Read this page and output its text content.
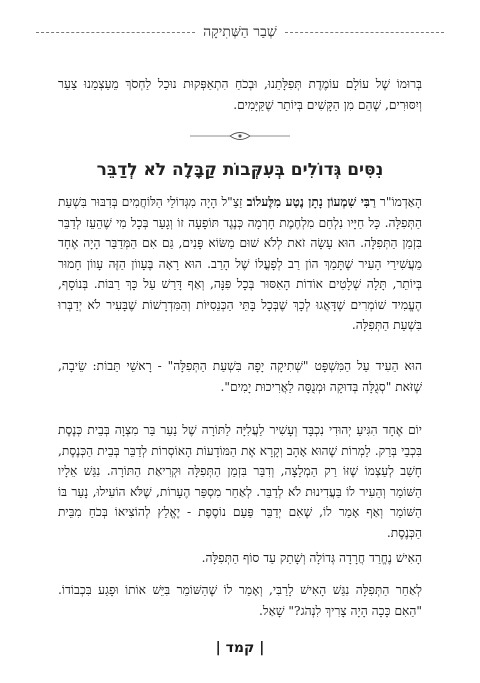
שְׁבַר הַשְּׁתִיקָה

בְּרוּמוֹ שֶׁל עוֹלָם עוֹמֶדֶת תְּפִלָּתֵנוּ, וּבְכֹחַ הִתְאַפְּקוּת נוּכַל לַחְסֹךְ מֵעַצְמֵנוּ צַעַר וְיִסּוּרִים, שֶׁהֵם מִן הַקָּשִׁים בְּיוֹתֵר שֶׁקַּיָּמִים.

נִסִּים גְּדוֹלִים בְּעִקְּבוֹת קַבָּלָה לֹא לְדַבֵּר

הָאַדְמוֹ"ר רַבִּי שִׁמְעוֹן נָתָן נֶטַע מִלֶּעלוֹב זַצַ"ל הָיָה מִגְּדוֹלֵי הַלּוֹחֲמִים בְּדִבּוּר בִּשְׁעַת הַתְּפִלָּה. כָּל חַיָּיו נִלְחַם מִלְחֶמֶת חָרְמָה כְּנֶגֶד תּוֹפָעָה זוֹ וְגָעַר בְּכָל מִי שֶׁהֵעֵז לְדַבֵּר בִּזְמַן הַתְּפִלָּה. הוּא עָשָׂה זֹאת לְלֹא שׁוּם מַשּׂוֹא פָּנִים, גַּם אִם הַמְּדַבֵּר הָיָה אֶחָד מֵעֲשִׁירֵי הָעִיר שֶׁתָּמַךְ הוֹן רַב לְפָעֳלוֹ שֶׁל הָרַב. הוּא רָאָה בֶּעָווֹן הַזֶּה עָווֹן חָמוּר בְּיוֹתֵר, תָּלָה שְׁלָטִים אוֹדוֹת הָאִסּוּר בְּכָל פִּנָּה, וְאַף דָּרַשׁ עַל כָּךְ רַבּוֹת. בְּנוֹסָף, הֶעֱמִיד שׁוֹמְרִים שֶׁדָּאֲגוּ לְכָךְ שֶׁבְּכָל בָּתֵּי הַכְּנֵסִיּוֹת וְהַמִּדְרָשׁוֹת שֶׁבָּעִיר לֹא יְדַבְּרוּ בִּשְׁעַת הַתְּפִלָּה.

הוּא הֵעִיד עַל הַמִּשְׁפָּט "שְׁתִיקָה יָפָה בִּשְׁעַת הַתְּפִלָּה" - רָאשֵׁי תֵּבוֹת: שֵׂיבָה, שֶׁזֹּאת "סְגֻלָּה בְּדוּקָה וּמְנֻסָּה לַאֲרִיכוּת יָמִים".

יוֹם אֶחָד הִגִּיעַ יְהוּדִי נִכְבָּד וְעָשִׁיר לַעֲלִיָּה לַתּוֹרָה שֶׁל נַעַר בַּר מִצְוָה בְּבֵית כְּנֶסֶת בִּכְבֵי בְּרַק. לַמְרוֹת שֶׁהוּא אָהָב וְקָרָא אֶת הַמּוֹדָעוֹת הָאוֹסְרוֹת לְדַבֵּר בְּבֵית הַכְּנֶסֶת, חָשַׁב לְעַצְמוֹ שֶׁזּוֹ רַק הַמְלָצָה, וְדִבֵּר בִּזְמַן הַתְּפִלָּה וּקְרִיאַת הַתּוֹרָה. נִגַּשׁ אֵלָיו הַשּׁוֹמֵר וְהֵעִיר לוֹ בַּעֲדִינוּת לֹא לְדַבֵּר. לְאַחַר מִסְפַּר הֶעָרוֹת, שֶׁלֹּא הוֹעִילוּ, נָעַר בּוֹ הַשּׁוֹמֵר וְאַף אָמַר לוֹ, שֶׁאִם יְדַבֵּר פַּעַם נוֹסֶפֶת - יֶאֱלַץ לְהוֹצִיאוֹ בְּכֹחַ מִבֵּית הַכְּנֶסֶת.

הָאִישׁ נֶחֱרַד חֲרָדָה גְּדוֹלָה וְשָׁתַק עַד סוֹף הַתְּפִלָּה.

לְאַחַר הַתְּפִלָּה נִגַּשׁ הָאִישׁ לָרַבִּי, וְאָמַר לוֹ שֶׁהַשּׁוֹמֵר בִּיֵּשׁ אוֹתוֹ וּפָגַע בִּכְבוֹדוֹ. "הַאִם כָּכָה הָיָה צָרִיךְ לִנְהֹג?" שָׁאַל.

| קמד |
